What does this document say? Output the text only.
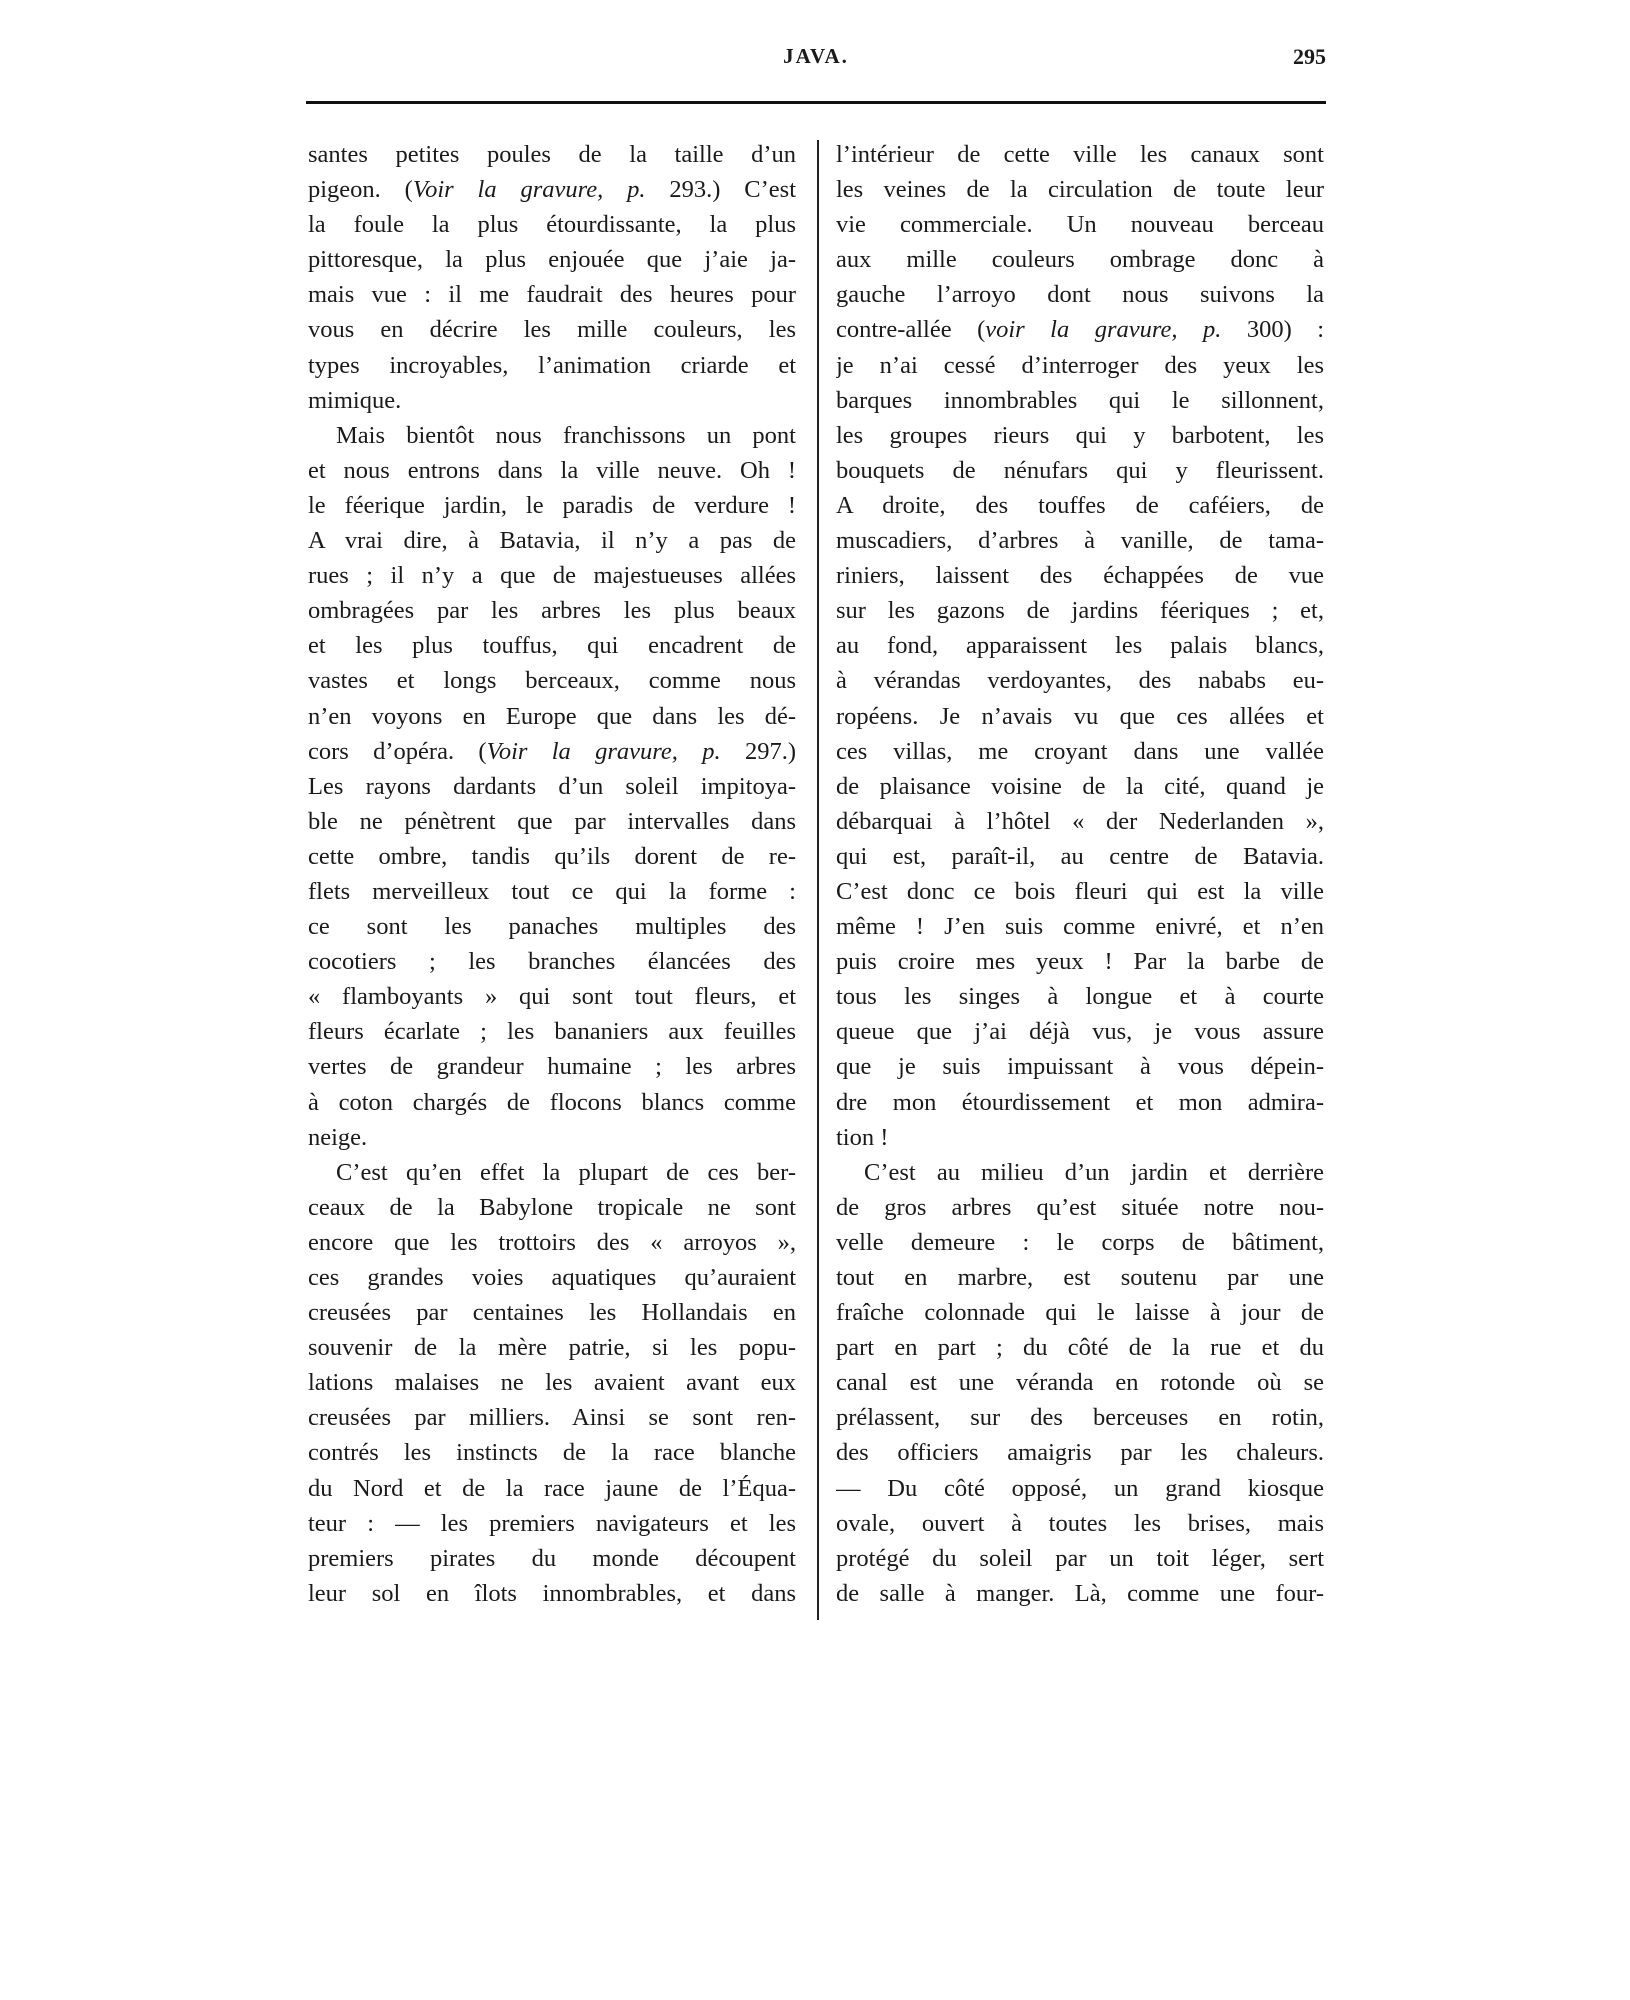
JAVA.	295
santes petites poules de la taille d’un
pigeon. (Voir la gravure, p. 293.) C’est
la foule la plus étourdissante, la plus
pittoresque, la plus enjouée que j’aie ja-
mais vue : il me faudrait des heures pour
vous en décrire les mille couleurs, les
types incroyables, l’animation criarde et
mimique.
Mais bientôt nous franchissons un pont
et nous entrons dans la ville neuve. Oh !
le féerique jardin, le paradis de verdure !
A vrai dire, à Batavia, il n’y a pas de
rues ; il n’y a que de majestueuses allées
ombragées par les arbres les plus beaux
et les plus touffus, qui encadrent de
vastes et longs berceaux, comme nous
n’en voyons en Europe que dans les dé-
cors d’opéra. (Voir la gravure, p. 297.)
Les rayons dardants d’un soleil impitoya-
ble ne pénètrent que par intervalles dans
cette ombre, tandis qu’ils dorent de re-
flets merveilleux tout ce qui la forme :
ce sont les panaches multiples des
cocotiers ; les branches élancées des
« flamboyants » qui sont tout fleurs, et
fleurs écarlate ; les bananiers aux feuilles
vertes de grandeur humaine ; les arbres
à coton chargés de flocons blancs comme
neige.
C’est qu’en effet la plupart de ces ber-
ceaux de la Babylone tropicale ne sont
encore que les trottoirs des « arroyos »,
ces grandes voies aquatiques qu’auraient
creusées par centaines les Hollandais en
souvenir de la mère patrie, si les popu-
lations malaises ne les avaient avant eux
creusées par milliers. Ainsi se sont ren-
contrés les instincts de la race blanche
du Nord et de la race jaune de l’Équa-
teur : — les premiers navigateurs et les
premiers pirates du monde découpent
leur sol en îlots innombrables, et dans
l’intérieur de cette ville les canaux sont
les veines de la circulation de toute leur
vie commerciale. Un nouveau berceau
aux mille couleurs ombrage donc à
gauche l’arroyo dont nous suivons la
contre-allée (voir la gravure, p. 300) :
je n’ai cessé d’interroger des yeux les
barques innombrables qui le sillonnent,
les groupes rieurs qui y barbotent, les
bouquets de nénufars qui y fleurissent.
A droite, des touffes de caféiers, de
muscadiers, d’arbres à vanille, de tama-
riniers, laissent des échappées de vue
sur les gazons de jardins féeriques ; et,
au fond, apparaissent les palais blancs,
à vérandas verdoyantes, des nababs eu-
ropéens. Je n’avais vu que ces allées et
ces villas, me croyant dans une vallée
de plaisance voisine de la cité, quand je
débarquai à l’hôtel « der Nederlanden »,
qui est, paraît-il, au centre de Batavia.
C’est donc ce bois fleuri qui est la ville
même ! J’en suis comme enivré, et n’en
puis croire mes yeux ! Par la barbe de
tous les singes à longue et à courte
queue que j’ai déjà vus, je vous assure
que je suis impuissant à vous dépein-
dre mon étourdissement et mon admira-
tion !
C’est au milieu d’un jardin et derrière
de gros arbres qu’est située notre nou-
velle demeure : le corps de bâtiment,
tout en marbre, est soutenu par une
fraîche colonnade qui le laisse à jour de
part en part ; du côté de la rue et du
canal est une véranda en rotonde où se
prélassent, sur des berceuses en rotin,
des officiers amaigris par les chaleurs.
— Du côté opposé, un grand kiosque
ovale, ouvert à toutes les brises, mais
protégé du soleil par un toit léger, sert
de salle à manger. Là, comme une four-
